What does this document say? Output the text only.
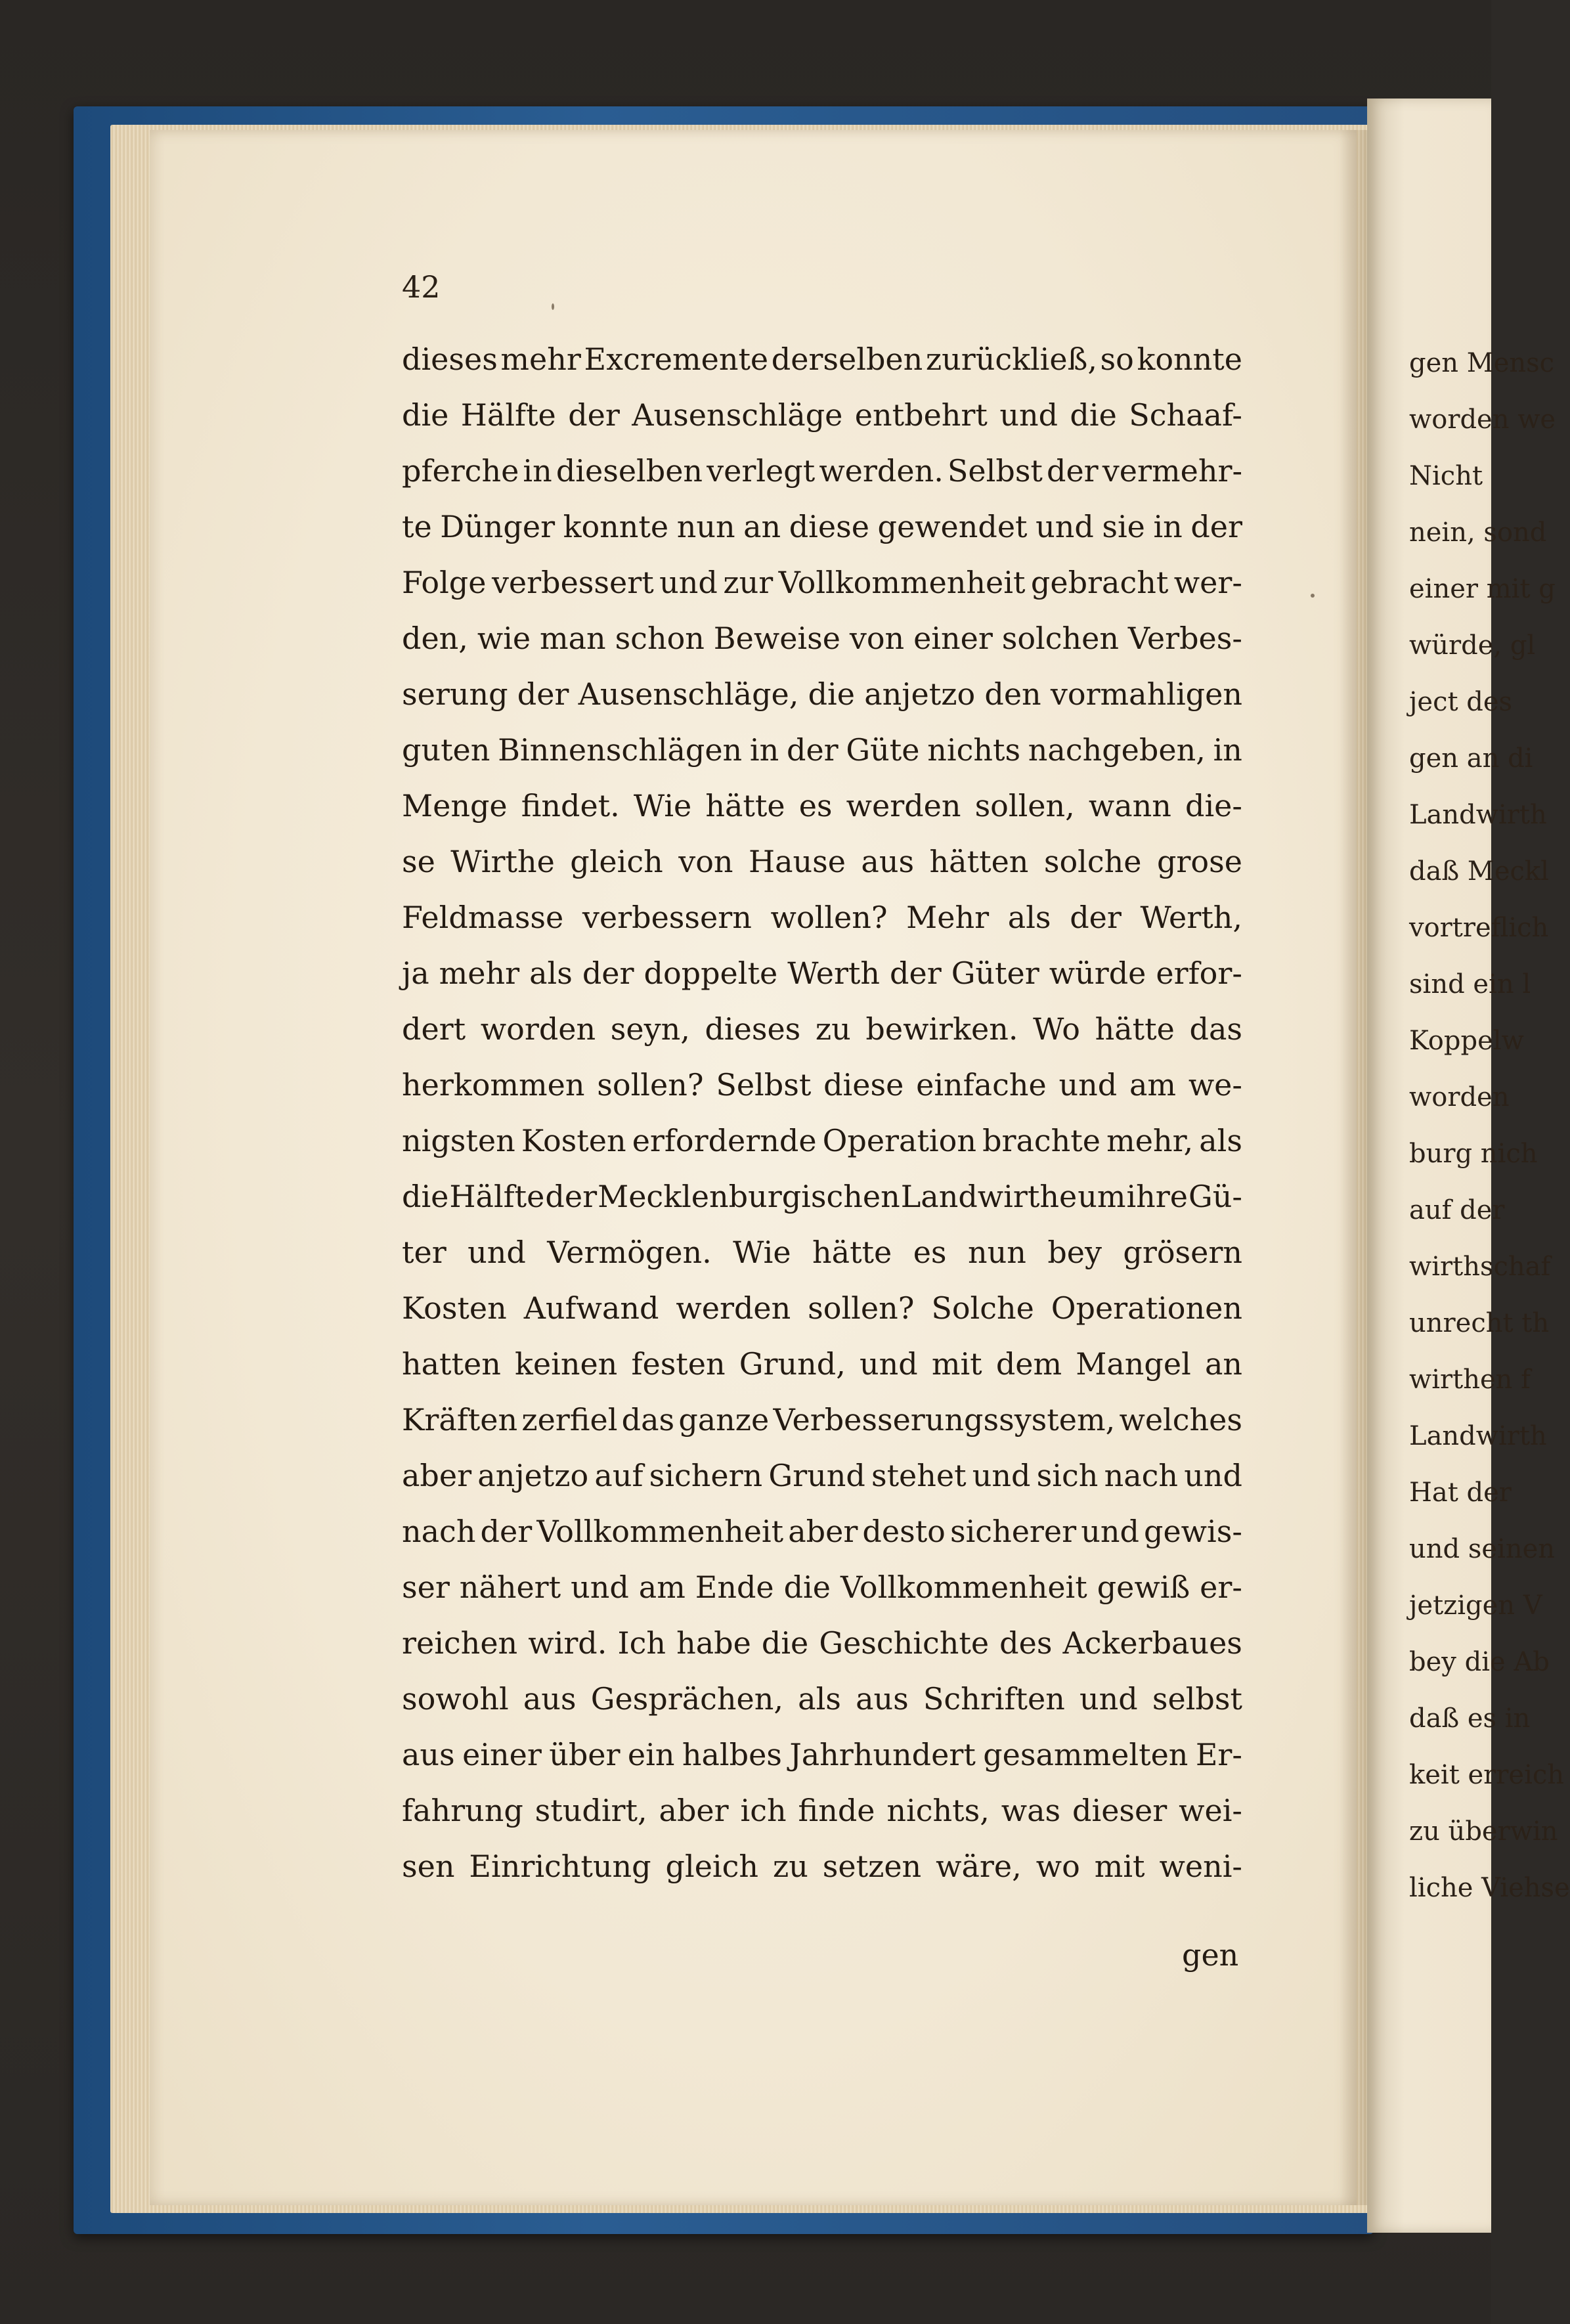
gen Mensc
worden we
Nicht
nein, sond
einer mit g
würde, gl
ject des
gen an di
Landwirth
daß Meckl
vortreflich
sind ein l
Koppelw
worden
burg nich
auf der
wirthschaf
unrecht th
wirthen f
Landwirth
Hat der
und seinen
jetzigen V
bey die Ab
daß es in
keit erreich
zu überwin
liche Viehse
42
dieses mehr Excremente derselben zurückließ, so konnte
die Hälfte der Ausenschläge entbehrt und die Schaaf-
pferche in dieselben verlegt werden. Selbst der vermehr-
te Dünger konnte nun an diese gewendet und sie in der
Folge verbessert und zur Vollkommenheit gebracht wer-
den, wie man schon Beweise von einer solchen Verbes-
serung der Ausenschläge, die anjetzo den vormahligen
guten Binnenschlägen in der Güte nichts nachgeben, in
Menge findet. Wie hätte es werden sollen, wann die-
se Wirthe gleich von Hause aus hätten solche grose
Feldmasse verbessern wollen? Mehr als der Werth,
ja mehr als der doppelte Werth der Güter würde erfor-
dert worden seyn, dieses zu bewirken. Wo hätte das
herkommen sollen? Selbst diese einfache und am we-
nigsten Kosten erfordernde Operation brachte mehr, als
die Hälfte der Mecklenburgischen Landwirthe um ihre Gü-
ter und Vermögen. Wie hätte es nun bey grösern
Kosten Aufwand werden sollen? Solche Operationen
hatten keinen festen Grund, und mit dem Mangel an
Kräften zerfiel das ganze Verbesserungssystem, welches
aber anjetzo auf sichern Grund stehet und sich nach und
nach der Vollkommenheit aber desto sicherer und gewis-
ser nähert und am Ende die Vollkommenheit gewiß er-
reichen wird. Ich habe die Geschichte des Ackerbaues
sowohl aus Gesprächen, als aus Schriften und selbst
aus einer über ein halbes Jahrhundert gesammelten Er-
fahrung studirt, aber ich finde nichts, was dieser wei-
sen Einrichtung gleich zu setzen wäre, wo mit weni-
gen
